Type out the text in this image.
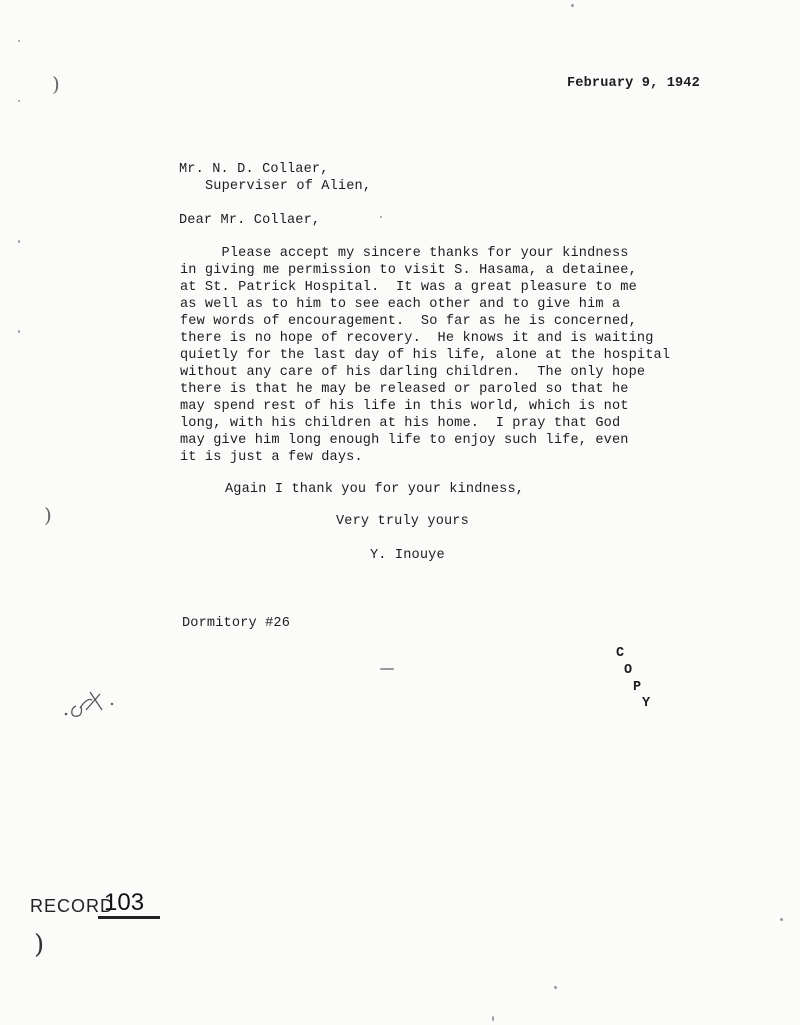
)
)
February 9, 1942
Mr. N. D. Collaer,
Superviser of Alien,
Dear Mr. Collaer,
Please accept my sincere thanks for your kindness
in giving me permission to visit S. Hasama, a detainee,
at St. Patrick Hospital.  It was a great pleasure to me
as well as to him to see each other and to give him a
few words of encouragement.  So far as he is concerned,
there is no hope of recovery.  He knows it and is waiting
quietly for the last day of his life, alone at the hospital
without any care of his darling children.  The only hope
there is that he may be released or paroled so that he
may spend rest of his life in this world, which is not
long, with his children at his home.  I pray that God
may give him long enough life to enjoy such life, even
it is just a few days.
Again I thank you for your kindness,
Very truly yours
Y. Inouye
Dormitory #26
C
O
P
Y
RECORD
103
)
